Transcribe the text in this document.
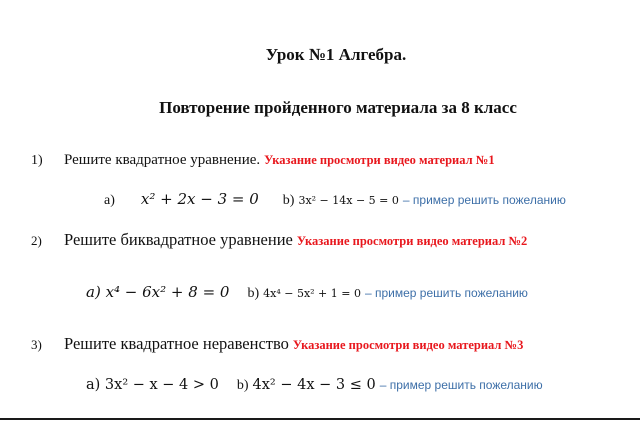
Урок №1 Алгебра.
Повторение пройденного материала за 8 класс
1) Решите квадратное уравнение. Указание просмотри видео материал №1
a) x² + 2x − 3 = 0 b) 3x² − 14x − 5 = 0 – пример решить пожеланию
2) Решите биквадратное уравнение Указание просмотри видео материал №2
a) x⁴ − 6x² + 8 = 0 b) 4x⁴ − 5x² + 1 = 0 – пример решить пожеланию
3) Решите квадратное неравенство Указание просмотри видео материал №3
a) 3x² − x − 4 > 0 b) 4x² − 4x − 3 ≤ 0 – пример решить пожеланию
